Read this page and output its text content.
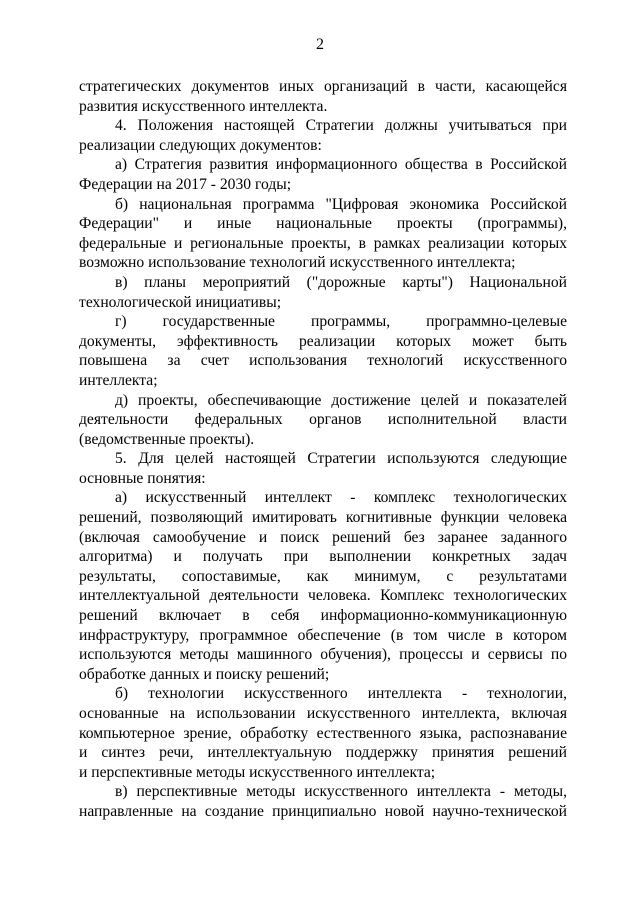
2
стратегических документов иных организаций в части, касающейся
развития искусственного интеллекта.
4. Положения настоящей Стратегии должны учитываться при
реализации следующих документов:
а) Стратегия развития информационного общества в Российской
Федерации на 2017 - 2030 годы;
б) национальная программа "Цифровая экономика Российской
Федерации" и иные национальные проекты (программы),
федеральные и региональные проекты, в рамках реализации которых
возможно использование технологий искусственного интеллекта;
в) планы мероприятий ("дорожные карты") Национальной
технологической инициативы;
г) государственные программы, программно-целевые
документы, эффективность реализации которых может быть
повышена за счет использования технологий искусственного
интеллекта;
д) проекты, обеспечивающие достижение целей и показателей
деятельности федеральных органов исполнительной власти
(ведомственные проекты).
5. Для целей настоящей Стратегии используются следующие
основные понятия:
а) искусственный интеллект - комплекс технологических
решений, позволяющий имитировать когнитивные функции человека
(включая самообучение и поиск решений без заранее заданного
алгоритма) и получать при выполнении конкретных задач
результаты, сопоставимые, как минимум, с результатами
интеллектуальной деятельности человека. Комплекс технологических
решений включает в себя информационно-коммуникационную
инфраструктуру, программное обеспечение (в том числе в котором
используются методы машинного обучения), процессы и сервисы по
обработке данных и поиску решений;
б) технологии искусственного интеллекта - технологии,
основанные на использовании искусственного интеллекта, включая
компьютерное зрение, обработку естественного языка, распознавание
и синтез речи, интеллектуальную поддержку принятия решений
и перспективные методы искусственного интеллекта;
в) перспективные методы искусственного интеллекта - методы,
направленные на создание принципиально новой научно-технической
